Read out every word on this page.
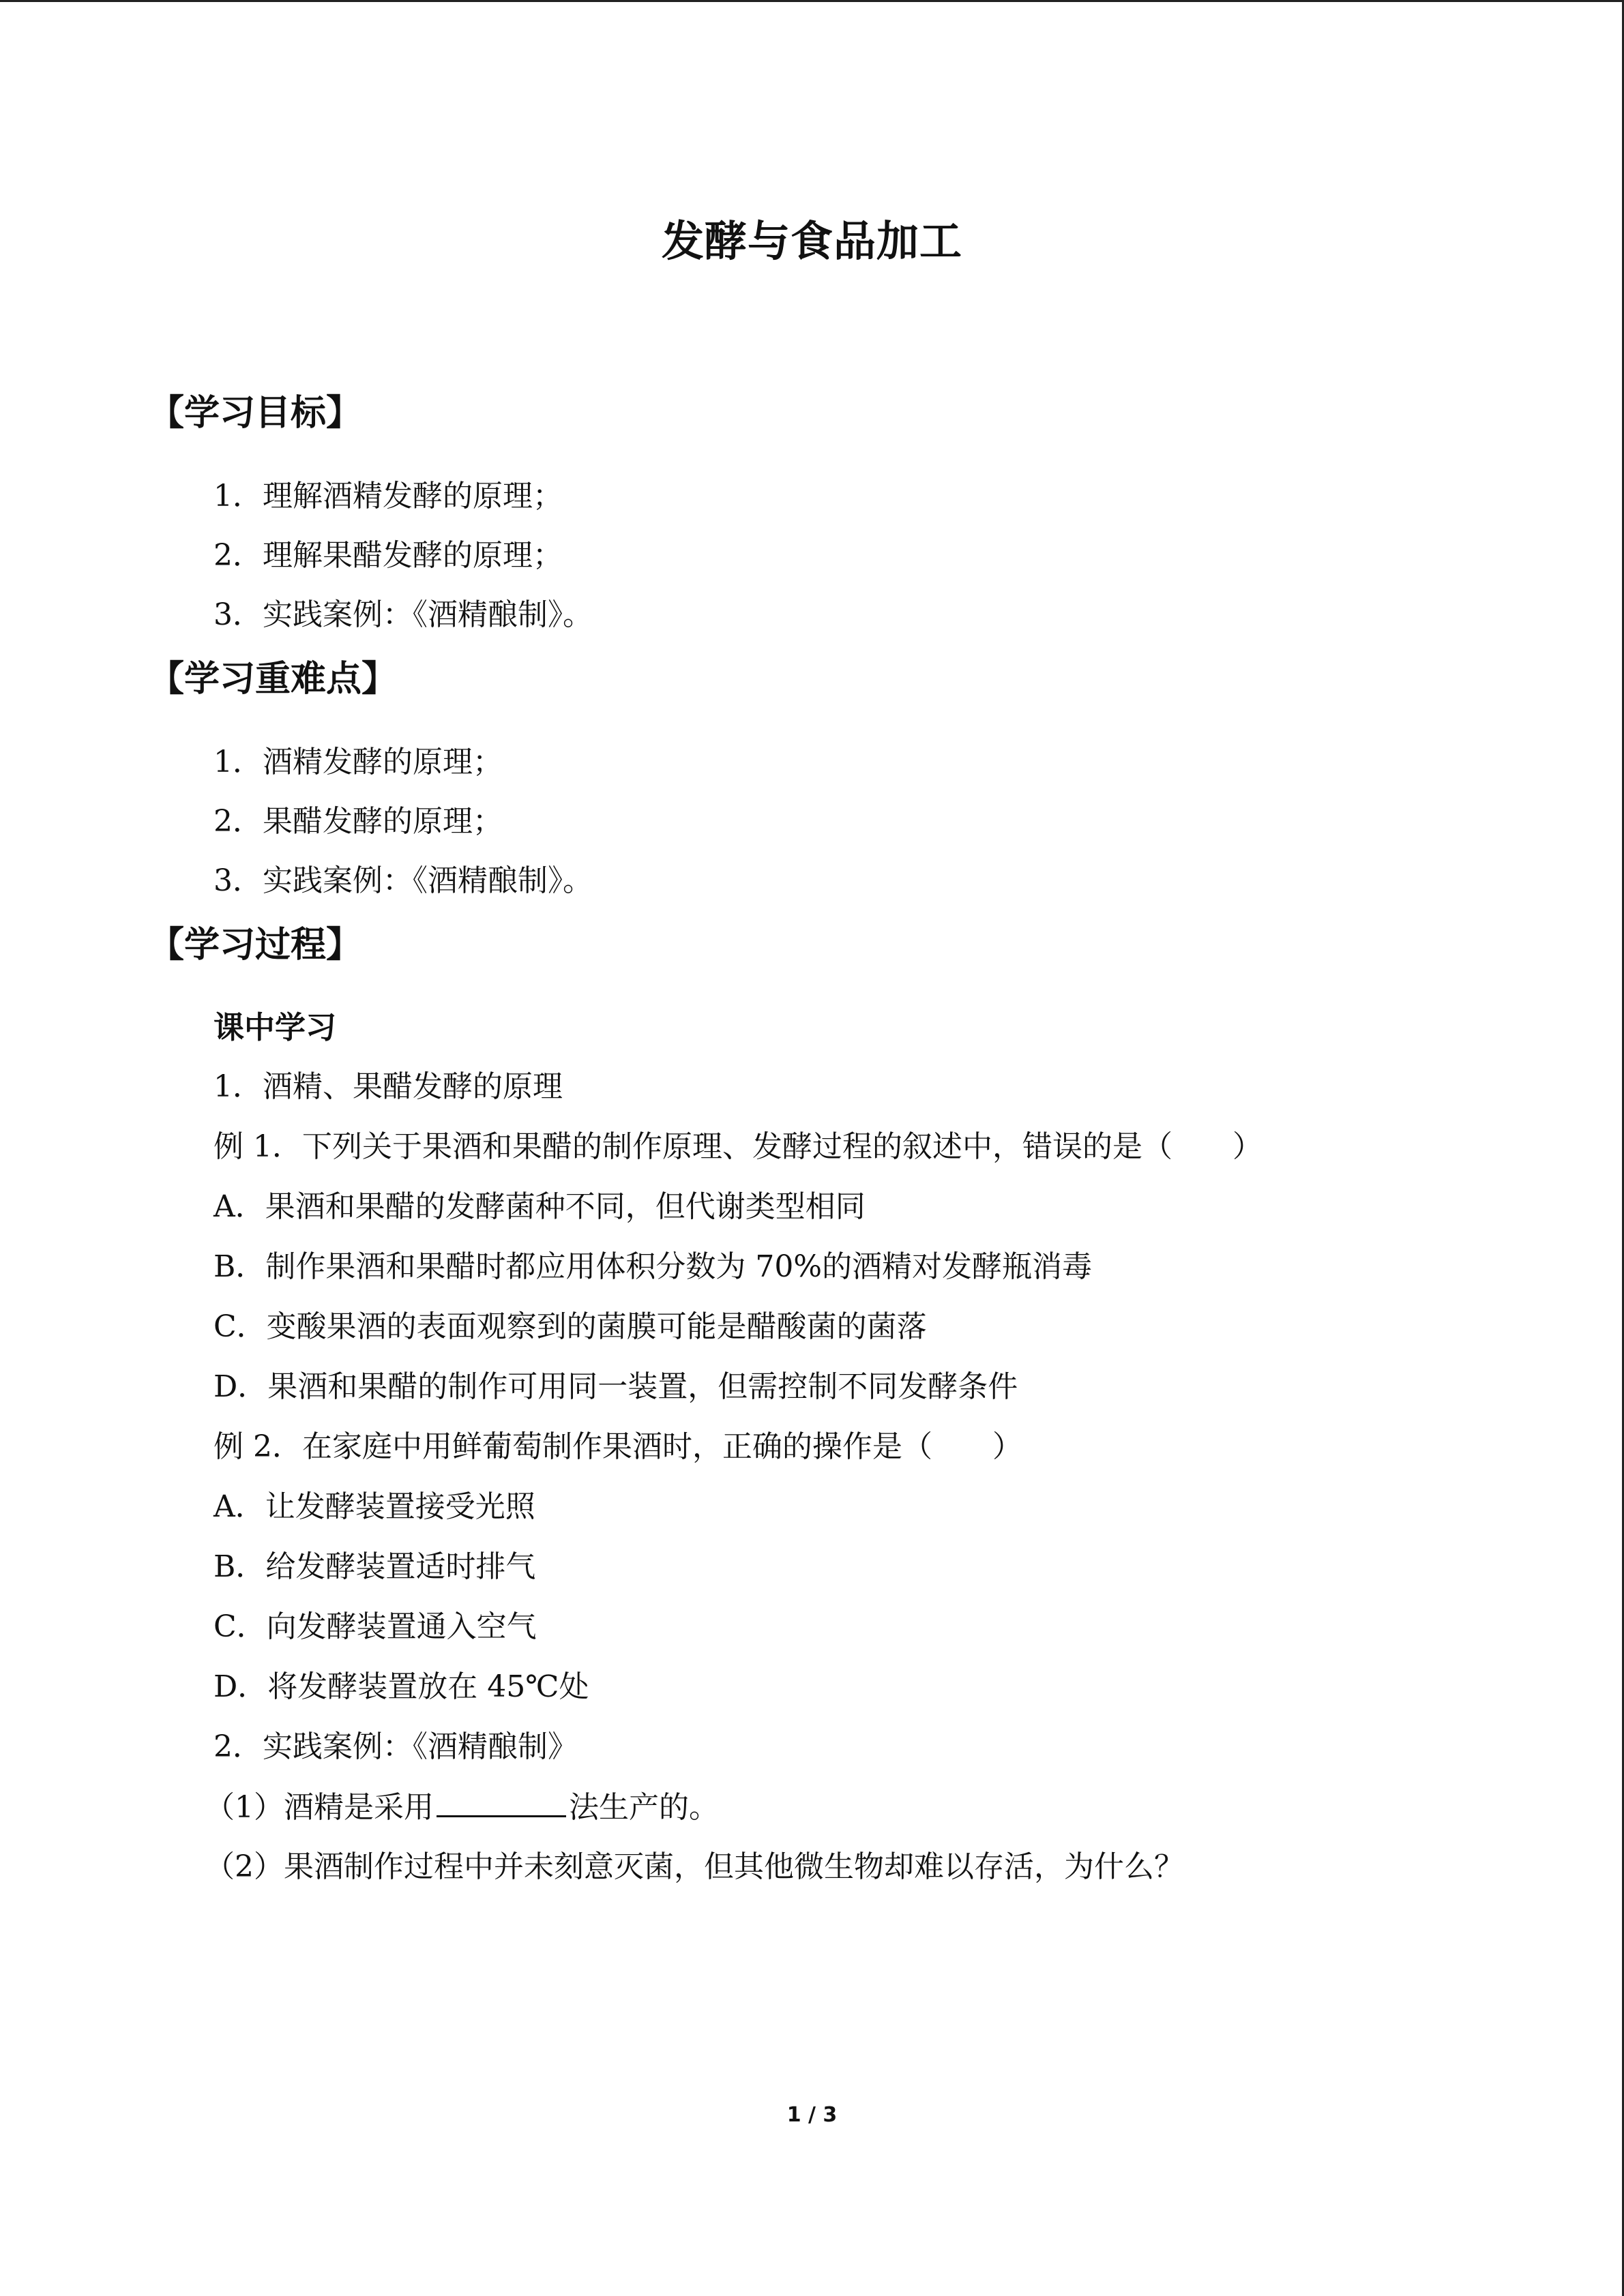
发酵与食品加工
【学习目标】
1．理解酒精发酵的原理；
2．理解果醋发酵的原理；
3．实践案例：《酒精酿制》。
【学习重难点】
1．酒精发酵的原理；
2．果醋发酵的原理；
3．实践案例：《酒精酿制》。
【学习过程】
课中学习
1．酒精、果醋发酵的原理
例 1．下列关于果酒和果醋的制作原理、发酵过程的叙述中，错误的是（　　）
A．果酒和果醋的发酵菌种不同，但代谢类型相同
B．制作果酒和果醋时都应用体积分数为 70%的酒精对发酵瓶消毒
C．变酸果酒的表面观察到的菌膜可能是醋酸菌的菌落
D．果酒和果醋的制作可用同一装置，但需控制不同发酵条件
例 2．在家庭中用鲜葡萄制作果酒时，正确的操作是（　　）
A．让发酵装置接受光照
B．给发酵装置适时排气
C．向发酵装置通入空气
D．将发酵装置放在 45℃处
2．实践案例：《酒精酿制》
（1）酒精是采用	法生产的。
（2）果酒制作过程中并未刻意灭菌，但其他微生物却难以存活，为什么？
1 / 3
